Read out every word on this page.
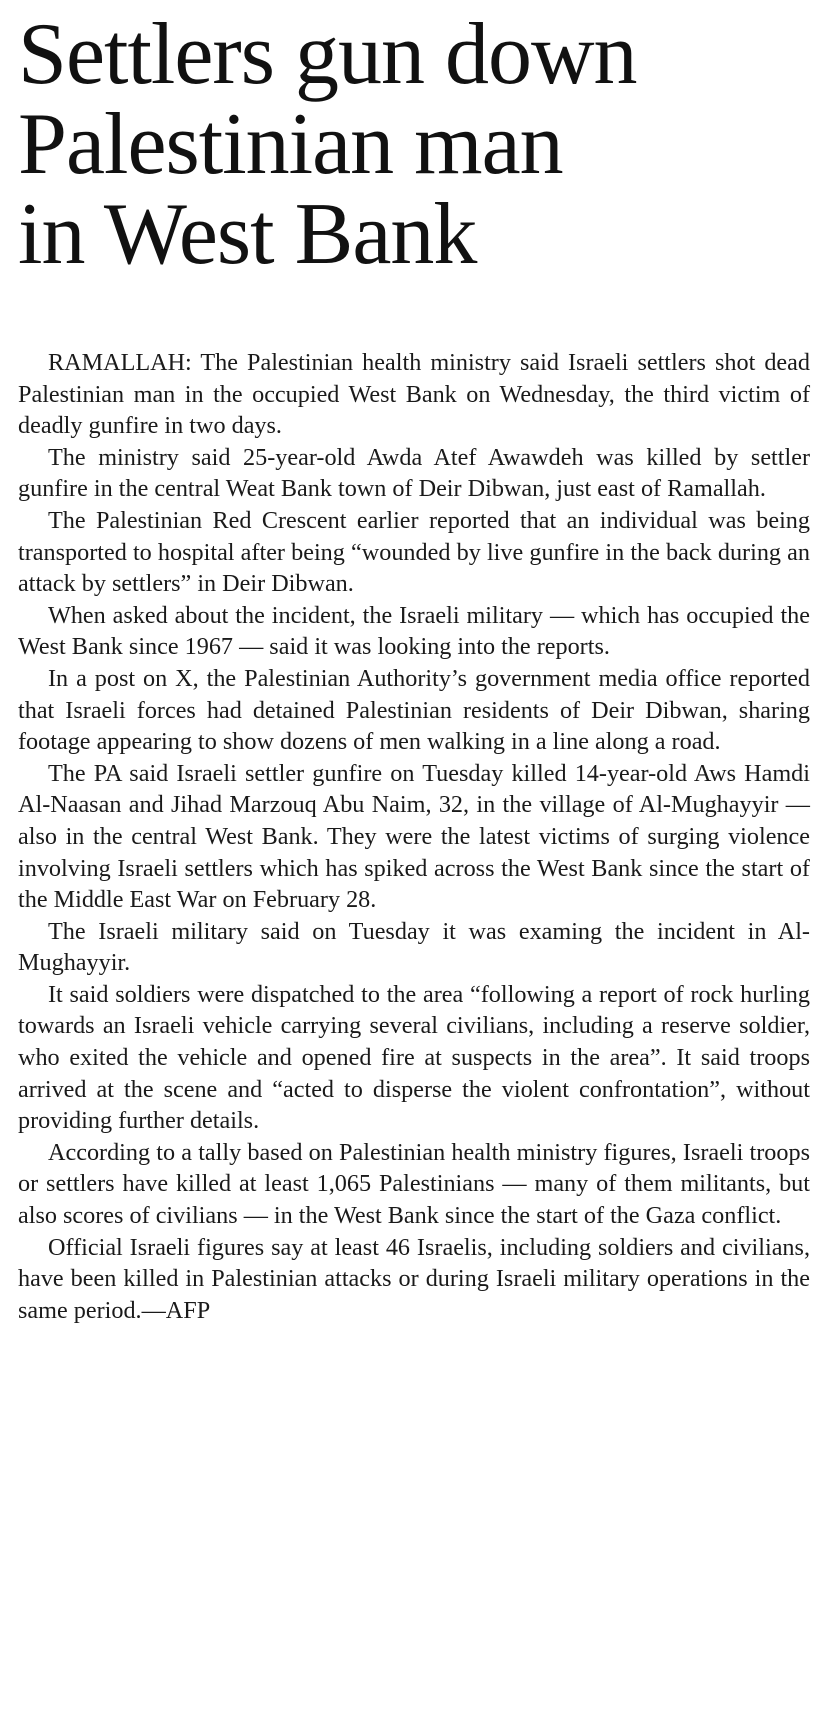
Settlers gun down
Palestinian man
in West Bank

RAMALLAH: The Palestinian health ministry said Israeli settlers shot dead Palestinian man in the occupied West Bank on Wednesday, the third victim of deadly gunfire in two days.

The ministry said 25-year-old Awda Atef Awawdeh was killed by settler gunfire in the central Weat Bank town of Deir Dibwan, just east of Ramallah.

The Palestinian Red Crescent earlier reported that an individual was being transported to hospital after being “wounded by live gunfire in the back during an attack by settlers” in Deir Dibwan.

When asked about the incident, the Israeli military — which has occupied the West Bank since 1967 — said it was looking into the reports.

In a post on X, the Palestinian Authority’s government media office reported that Israeli forces had detained Palestinian residents of Deir Dibwan, sharing footage appearing to show dozens of men walking in a line along a road.

The PA said Israeli settler gunfire on Tuesday killed 14-year-old Aws Hamdi Al-Naasan and Jihad Marzouq Abu Naim, 32, in the village of Al-Mughayyir — also in the central West Bank. They were the latest victims of surging violence involving Israeli settlers which has spiked across the West Bank since the start of the Middle East War on February 28.

The Israeli military said on Tuesday it was examing the incident in Al-Mughayyir.

It said soldiers were dispatched to the area “following a report of rock hurling towards an Israeli vehicle carrying several civilians, including a reserve soldier, who exited the vehicle and opened fire at suspects in the area”. It said troops arrived at the scene and “acted to disperse the violent confrontation”, without providing further details.

According to a tally based on Palestinian health ministry figures, Israeli troops or settlers have killed at least 1,065 Palestinians — many of them militants, but also scores of civilians — in the West Bank since the start of the Gaza conflict.

Official Israeli figures say at least 46 Israelis, including soldiers and civilians, have been killed in Palestinian attacks or during Israeli military operations in the same period.—AFP
